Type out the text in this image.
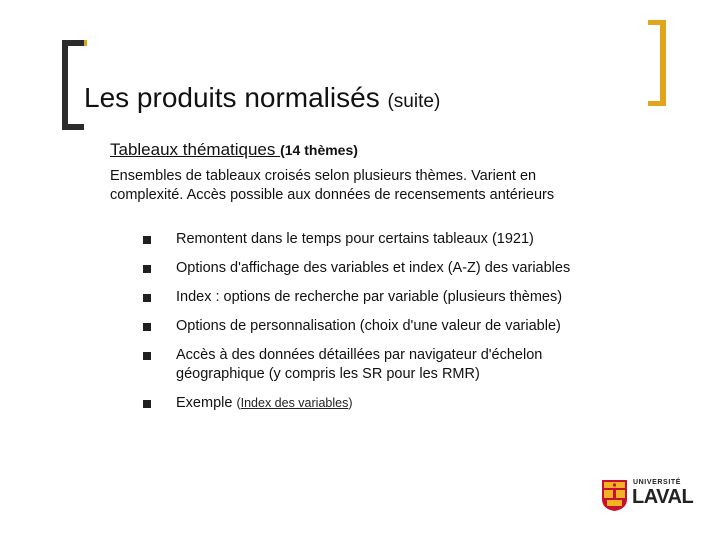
Les produits normalisés (suite)
Tableaux thématiques (14 thèmes)
Ensembles de tableaux croisés selon plusieurs thèmes. Varient en complexité. Accès possible aux données de recensements antérieurs
Remontent dans le temps pour certains tableaux (1921)
Options d'affichage des variables et index (A-Z) des variables
Index : options de recherche par variable (plusieurs thèmes)
Options de personnalisation (choix d'une valeur de variable)
Accès à des données détaillées par navigateur d'échelon géographique (y compris les SR pour les RMR)
Exemple (Index des variables)
UNIVERSITÉ
LAVAL
